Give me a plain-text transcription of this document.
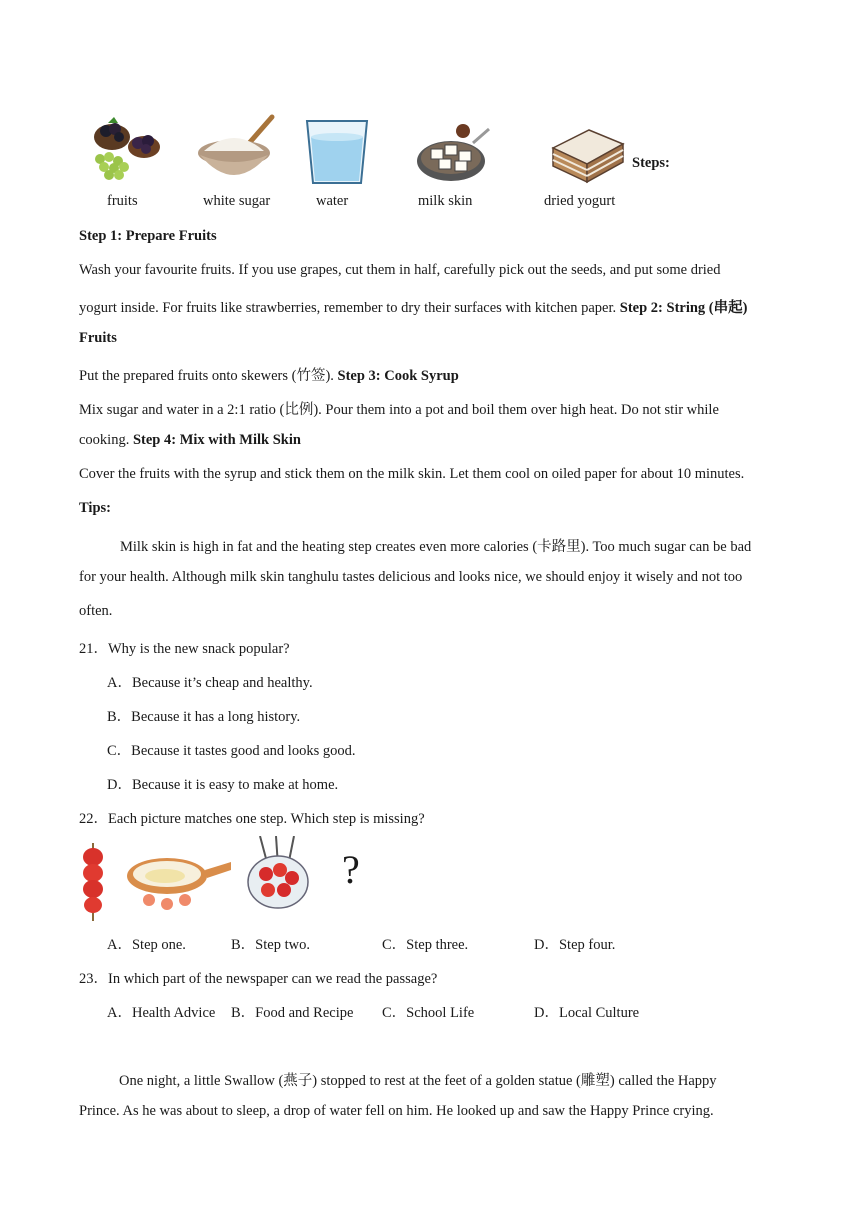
Steps:
fruits	white sugar	water	milk skin	dried yogurt
Step 1: Prepare Fruits
Wash your favourite fruits. If you use grapes, cut them in half, carefully pick out the seeds, and put some dried
yogurt inside. For fruits like strawberries, remember to dry their surfaces with kitchen paper. Step 2: String (串起)
Fruits
Put the prepared fruits onto skewers (竹签). Step 3: Cook Syrup
Mix sugar and water in a 2:1 ratio (比例). Pour them into a pot and boil them over high heat. Do not stir while
cooking. Step 4: Mix with Milk Skin
Cover the fruits with the syrup and stick them on the milk skin. Let them cool on oiled paper for about 10 minutes.
Tips:
Milk skin is high in fat and the heating step creates even more calories (卡路里). Too much sugar can be bad
for your health. Although milk skin tanghulu tastes delicious and looks nice, we should enjoy it wisely and not too
often.
21．Why is the new snack popular?
A．Because it’s cheap and healthy.
B．Because it has a long history.
C．Because it tastes good and looks good.
D．Because it is easy to make at home.
22．Each picture matches one step. Which step is missing?
?
A．Step one.	B．Step two.	C．Step three.	D．Step four.
23．In which part of the newspaper can we read the passage?
A．Health Advice B．Food and Recipe C．School Life	D．Local Culture
One night, a little Swallow (燕子) stopped to rest at the feet of a golden statue (雕塑) called the Happy
Prince. As he was about to sleep, a drop of water fell on him. He looked up and saw the Happy Prince crying.
